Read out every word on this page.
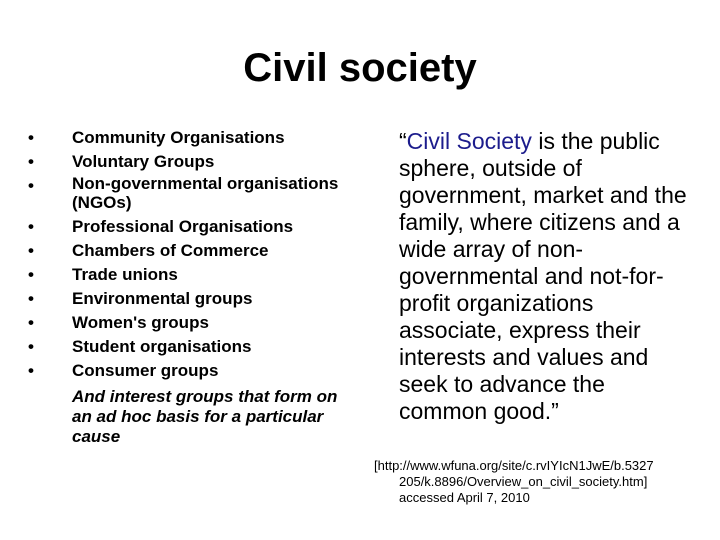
Civil society
•	Community Organisations
•	Voluntary Groups
•	Non-governmental organisations (NGOs)
•	Professional Organisations
•	Chambers of Commerce
•	Trade unions
•	Environmental groups
•	Women's groups
•	Student organisations
•	Consumer groups
And interest groups that form on an ad hoc basis for a particular cause
“Civil Society is the public sphere, outside of government, market and the family, where citizens and a wide array of non-governmental and not-for-profit organizations associate, express their interests and values and seek to advance the common good.”
[http://www.wfuna.org/site/c.rvIYIcN1JwE/b.5327
205/k.8896/Overview_on_civil_society.htm]
accessed April 7, 2010
